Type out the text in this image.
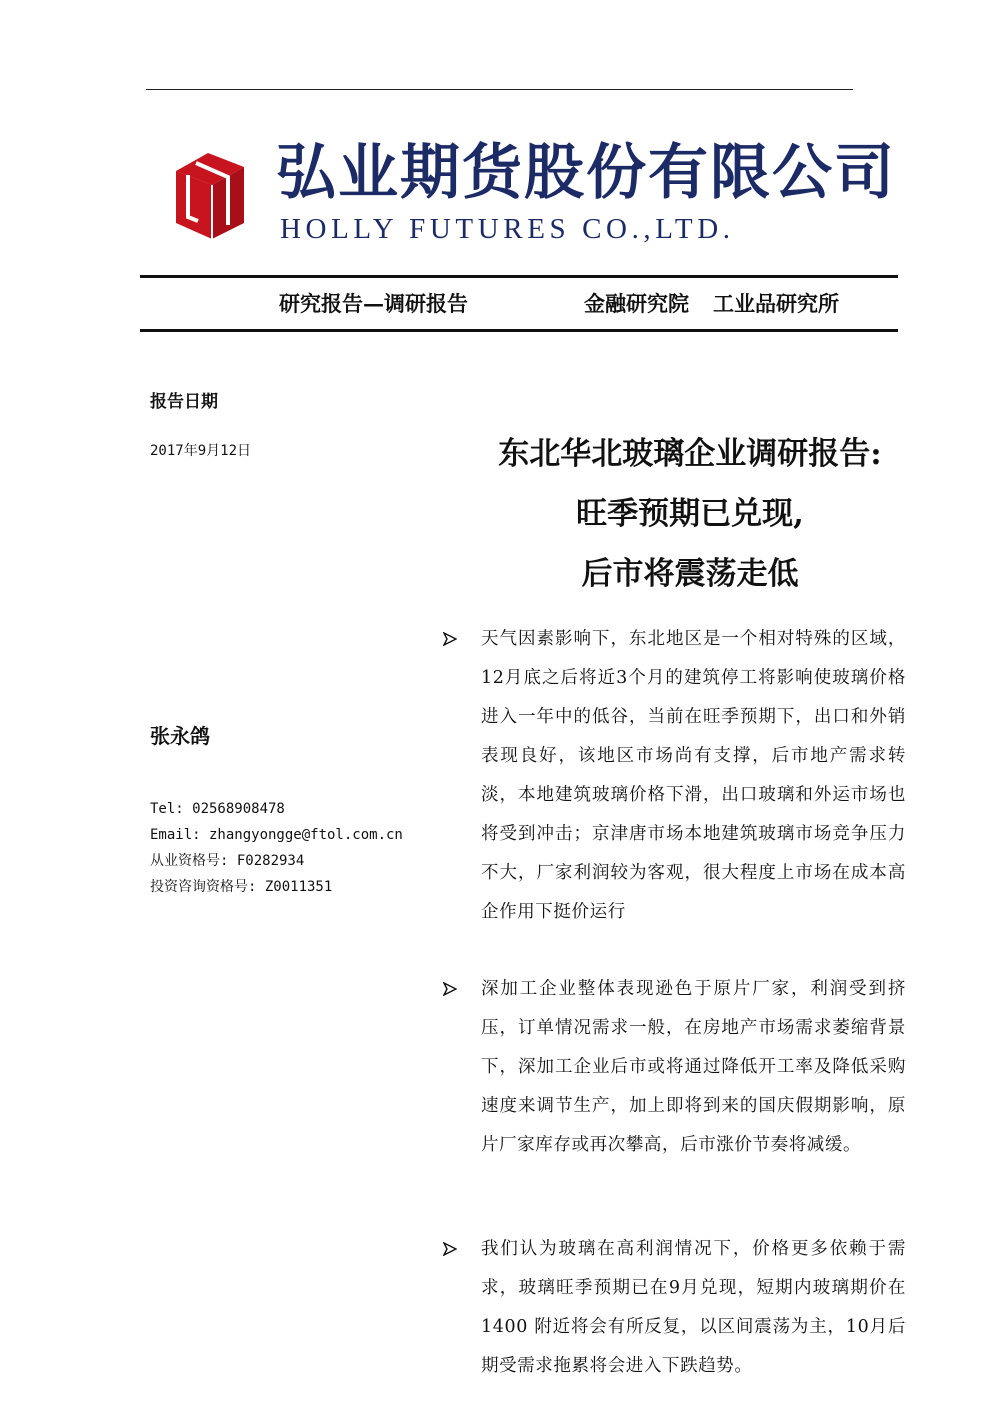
弘业期货股份有限公司
HOLLY FUTURES CO.,LTD.
研究报告—调研报告	金融研究院 工业品研究所
报告日期
2017年9月12日
张永鸽
Tel: 02568908478
Email: zhangyongge@ftol.com.cn
从业资格号: F0282934
投资咨询资格号: Z0011351
东北华北玻璃企业调研报告:
旺季预期已兑现,
后市将震荡走低
天气因素影响下，东北地区是一个相对特殊的区域，12月底之后将近3个月的建筑停工将影响使玻璃价格进入一年中的低谷，当前在旺季预期下，出口和外销表现良好，该地区市场尚有支撑，后市地产需求转淡，本地建筑玻璃价格下滑，出口玻璃和外运市场也将受到冲击；京津唐市场本地建筑玻璃市场竞争压力不大，厂家利润较为客观，很大程度上市场在成本高企作用下挺价运行
深加工企业整体表现逊色于原片厂家，利润受到挤压，订单情况需求一般，在房地产市场需求萎缩背景下，深加工企业后市或将通过降低开工率及降低采购速度来调节生产，加上即将到来的国庆假期影响，原片厂家库存或再次攀高，后市涨价节奏将减缓。
我们认为玻璃在高利润情况下，价格更多依赖于需求，玻璃旺季预期已在9月兑现，短期内玻璃期价在 1400 附近将会有所反复，以区间震荡为主，10月后期受需求拖累将会进入下跌趋势。
